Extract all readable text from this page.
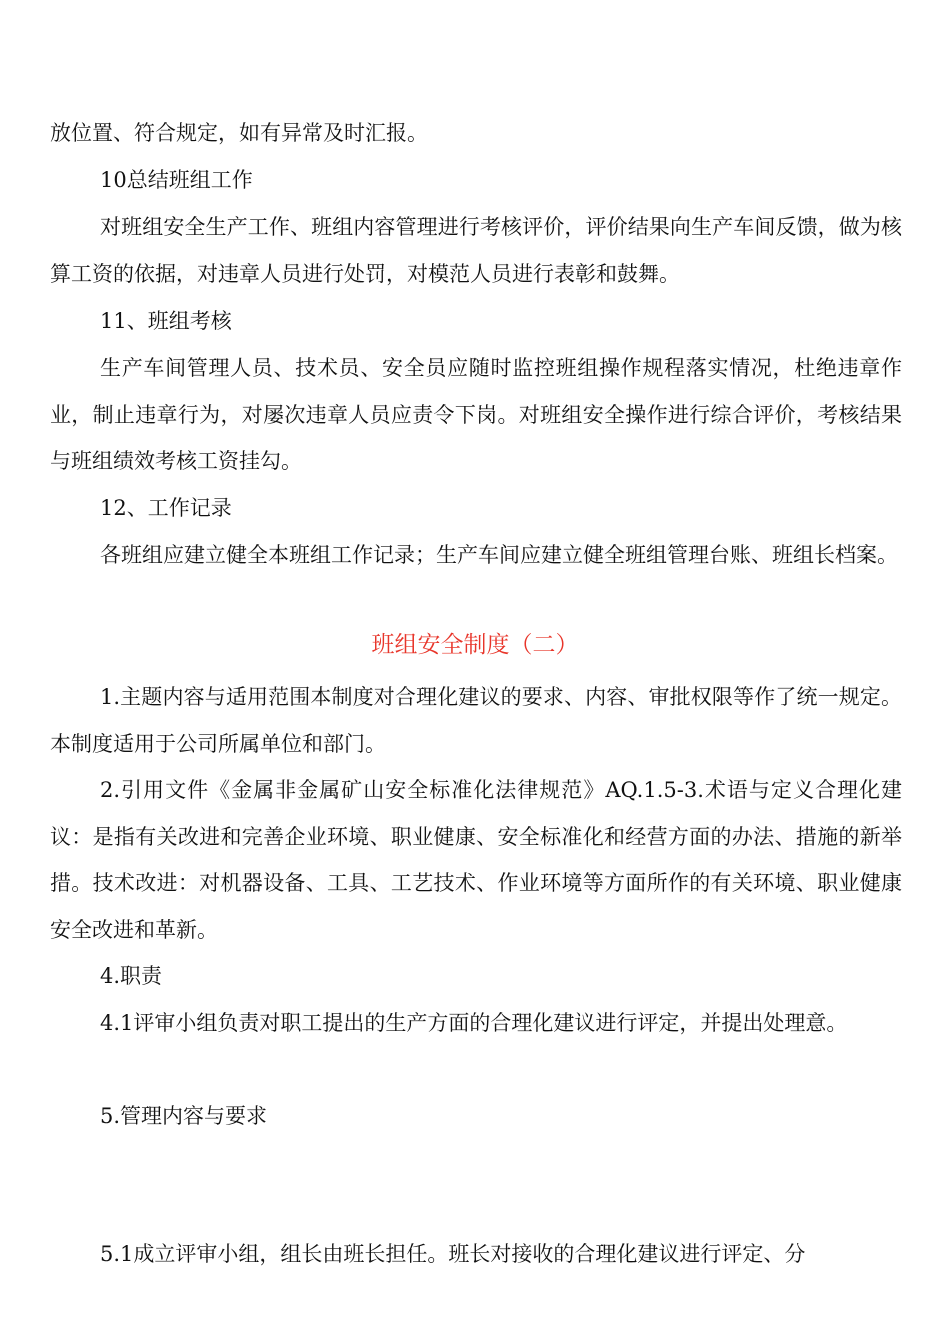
放位置、符合规定，如有异常及时汇报。

10总结班组工作

对班组安全生产工作、班组内容管理进行考核评价，评价结果向生产车间反馈，做为核算工资的依据，对违章人员进行处罚，对模范人员进行表彰和鼓舞。

11、班组考核

生产车间管理人员、技术员、安全员应随时监控班组操作规程落实情况，杜绝违章作业，制止违章行为，对屡次违章人员应责令下岗。对班组安全操作进行综合评价，考核结果与班组绩效考核工资挂勾。

12、工作记录

各班组应建立健全本班组工作记录；生产车间应建立健全班组管理台账、班组长档案。

班组安全制度（二）

1.主题内容与适用范围本制度对合理化建议的要求、内容、审批权限等作了统一规定。本制度适用于公司所属单位和部门。

2.引用文件《金属非金属矿山安全标准化法律规范》AQ.1.5-3.术语与定义合理化建议：是指有关改进和完善企业环境、职业健康、安全标准化和经营方面的办法、措施的新举措。技术改进：对机器设备、工具、工艺技术、作业环境等方面所作的有关环境、职业健康安全改进和革新。

4.职责

4.1评审小组负责对职工提出的生产方面的合理化建议进行评定，并提出处理意。

5.管理内容与要求

5.1成立评审小组，组长由班长担任。班长对接收的合理化建议进行评定、分
